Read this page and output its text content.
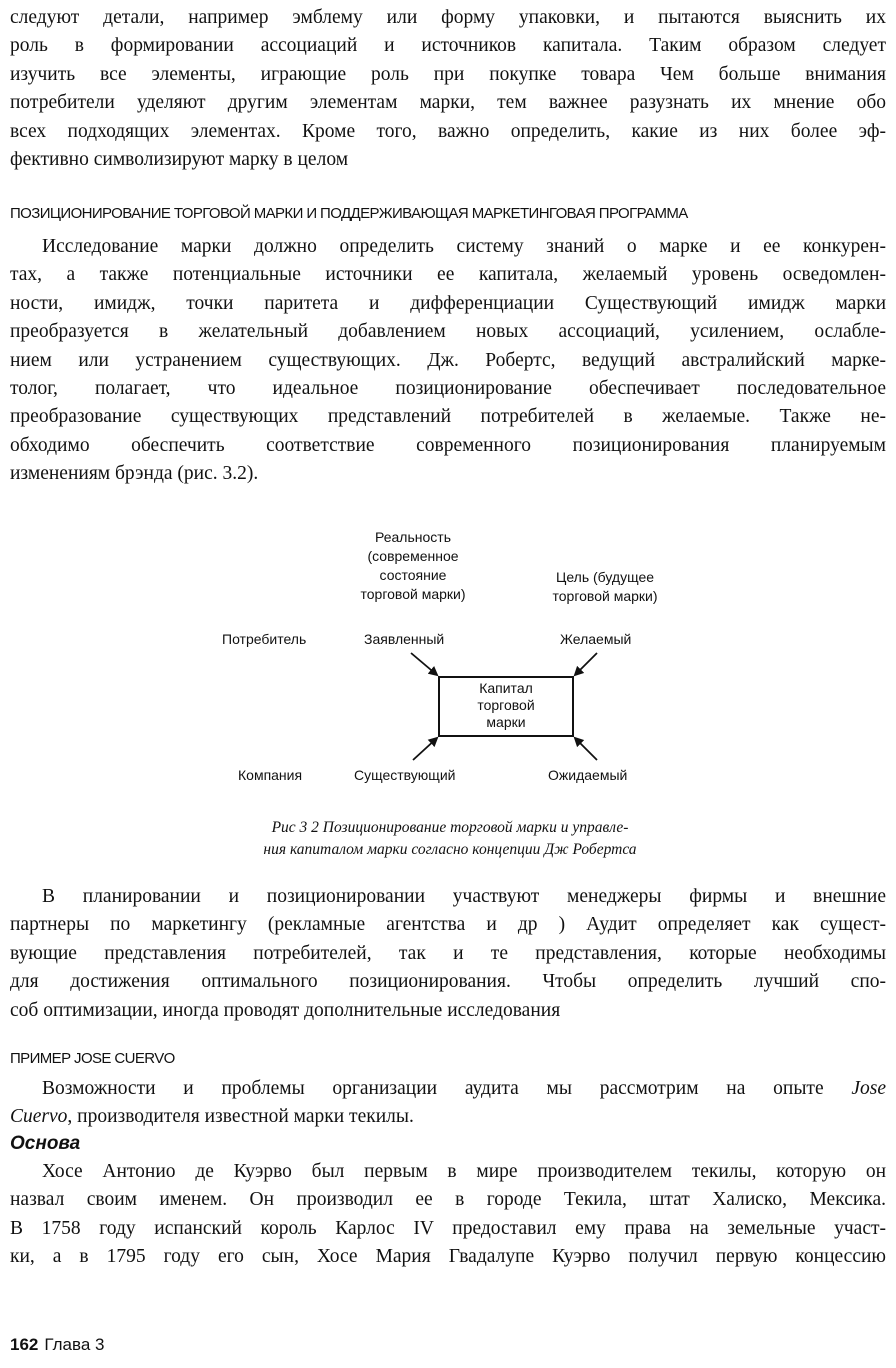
следуют детали, например эмблему или форму упаковки, и пытаются выяснить их
роль в формировании ассоциаций и источников капитала. Таким образом следует
изучить все элементы, играющие роль при покупке товара Чем больше внимания
потребители уделяют другим элементам марки, тем важнее разузнать их мнение обо
всех подходящих элементах. Кроме того, важно определить, какие из них более эф-
фективно символизируют марку в целом
ПОЗИЦИОНИРОВАНИЕ ТОРГОВОЙ МАРКИ И ПОДДЕРЖИВАЮЩАЯ МАРКЕТИНГОВАЯ ПРОГРАММА
Исследование марки должно определить систему знаний о марке и ее конкурен-
тах, а также потенциальные источники ее капитала, желаемый уровень осведомлен-
ности, имидж, точки паритета и дифференциации Существующий имидж марки
преобразуется в желательный добавлением новых ассоциаций, усилением, ослабле-
нием или устранением существующих. Дж. Робертс, ведущий австралийский марке-
толог, полагает, что идеальное позиционирование обеспечивает последовательное
преобразование существующих представлений потребителей в желаемые. Также не-
обходимо обеспечить соответствие современного позиционирования планируемым
изменениям брэнда (рис. 3.2).
Реальность
(современное
состояние
торговой марки)
Цель (будущее
торговой марки)
Потребитель	Заявленный	Желаемый
Капитал
торговой
марки
Компания	Существующий	Ожидаемый
Рис 3 2 Позиционирование торговой марки и управле-
ния капиталом марки согласно концепции Дж Робертса
В планировании и позиционировании участвуют менеджеры фирмы и внешние
партнеры по маркетингу (рекламные агентства и др ) Аудит определяет как сущест-
вующие представления потребителей, так и те представления, которые необходимы
для достижения оптимального позиционирования. Чтобы определить лучший спо-
соб оптимизации, иногда проводят дополнительные исследования
ПРИМЕР JOSE CUERVO
Возможности и проблемы организации аудита мы рассмотрим на опыте Jose
Cuervo, производителя известной марки текилы.
Основа
Хосе Антонио де Куэрво был первым в мире производителем текилы, которую он
назвал своим именем. Он производил ее в городе Текила, штат Халиско, Мексика.
В 1758 году испанский король Карлос IV предоставил ему права на земельные участ-
ки, а в 1795 году его сын, Хосе Мария Гвадалупе Куэрво получил первую концессию
162 Глава 3
